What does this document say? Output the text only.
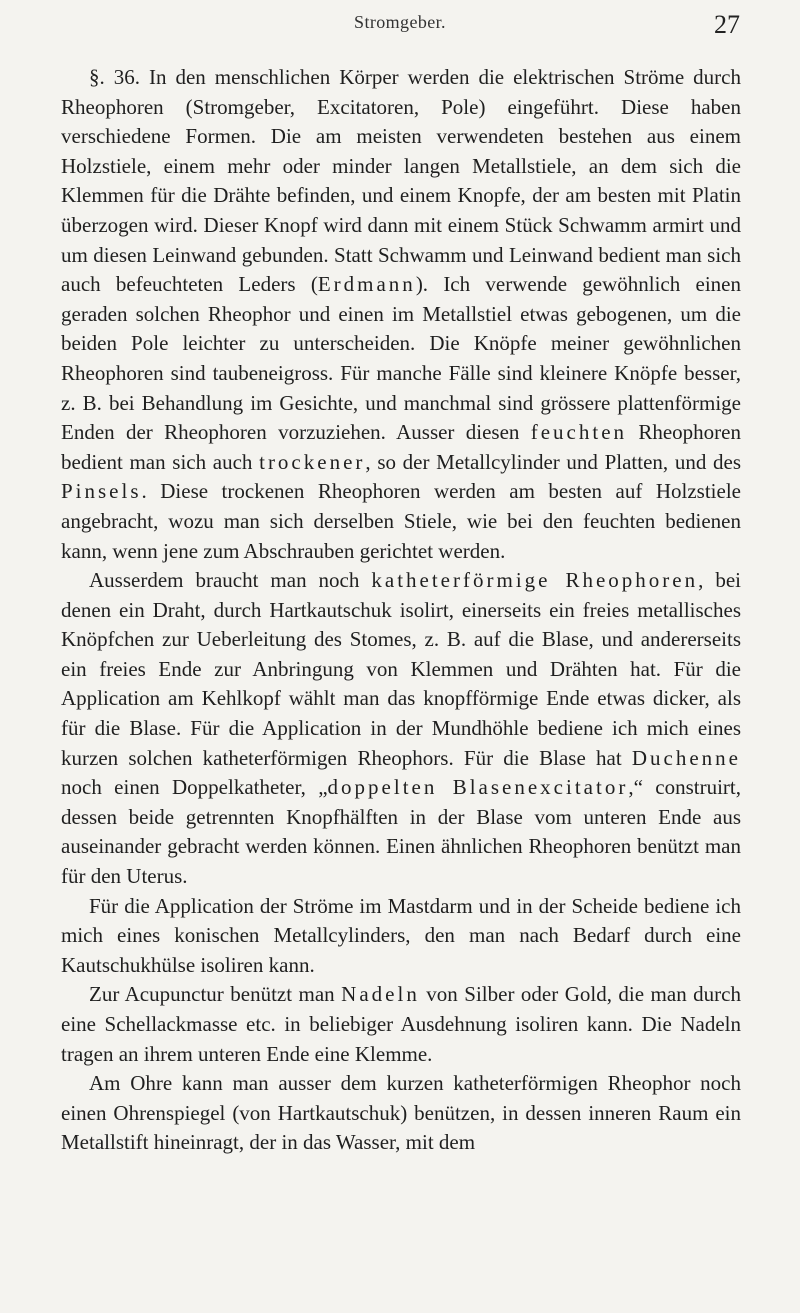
Stromgeber.	27

§. 36. In den menschlichen Körper werden die elektrischen Ströme durch Rheophoren (Stromgeber, Excitatoren, Pole) eingeführt. Diese haben verschiedene Formen. Die am meisten verwendeten bestehen aus einem Holzstiele, einem mehr oder minder langen Metallstiele, an dem sich die Klemmen für die Drähte befinden, und einem Knopfe, der am besten mit Platin überzogen wird. Dieser Knopf wird dann mit einem Stück Schwamm armirt und um diesen Leinwand gebunden. Statt Schwamm und Leinwand bedient man sich auch befeuchteten Leders (Erdmann). Ich verwende gewöhnlich einen geraden solchen Rheophor und einen im Metallstiel etwas gebogenen, um die beiden Pole leichter zu unterscheiden. Die Knöpfe meiner gewöhnlichen Rheophoren sind taubeneigross. Für manche Fälle sind kleinere Knöpfe besser, z. B. bei Behandlung im Gesichte, und manchmal sind grössere plattenförmige Enden der Rheophoren vorzuziehen. Ausser diesen feuchten Rheophoren bedient man sich auch trockener, so der Metallcylinder und Platten, und des Pinsels. Diese trockenen Rheophoren werden am besten auf Holzstiele angebracht, wozu man sich derselben Stiele, wie bei den feuchten bedienen kann, wenn jene zum Abschrauben gerichtet werden.

Ausserdem braucht man noch katheterförmige Rheophoren, bei denen ein Draht, durch Hartkautschuk isolirt, einerseits ein freies metallisches Knöpfchen zur Ueberleitung des Stomes, z. B. auf die Blase, und andererseits ein freies Ende zur Anbringung von Klemmen und Drähten hat. Für die Application am Kehlkopf wählt man das knopfförmige Ende etwas dicker, als für die Blase. Für die Application in der Mundhöhle bediene ich mich eines kurzen solchen katheterförmigen Rheophors. Für die Blase hat Duchenne noch einen Doppelkatheter, „doppelten Blasenexcitator,“ construirt, dessen beide getrennten Knopfhälften in der Blase vom unteren Ende aus auseinander gebracht werden können. Einen ähnlichen Rheophoren benützt man für den Uterus.

Für die Application der Ströme im Mastdarm und in der Scheide bediene ich mich eines konischen Metallcylinders, den man nach Bedarf durch eine Kautschukhülse isoliren kann.

Zur Acupunctur benützt man Nadeln von Silber oder Gold, die man durch eine Schellackmasse etc. in beliebiger Ausdehnung isoliren kann. Die Nadeln tragen an ihrem unteren Ende eine Klemme.

Am Ohre kann man ausser dem kurzen katheterförmigen Rheophor noch einen Ohrenspiegel (von Hartkautschuk) benützen, in dessen inneren Raum ein Metallstift hineinragt, der in das Wasser, mit dem
